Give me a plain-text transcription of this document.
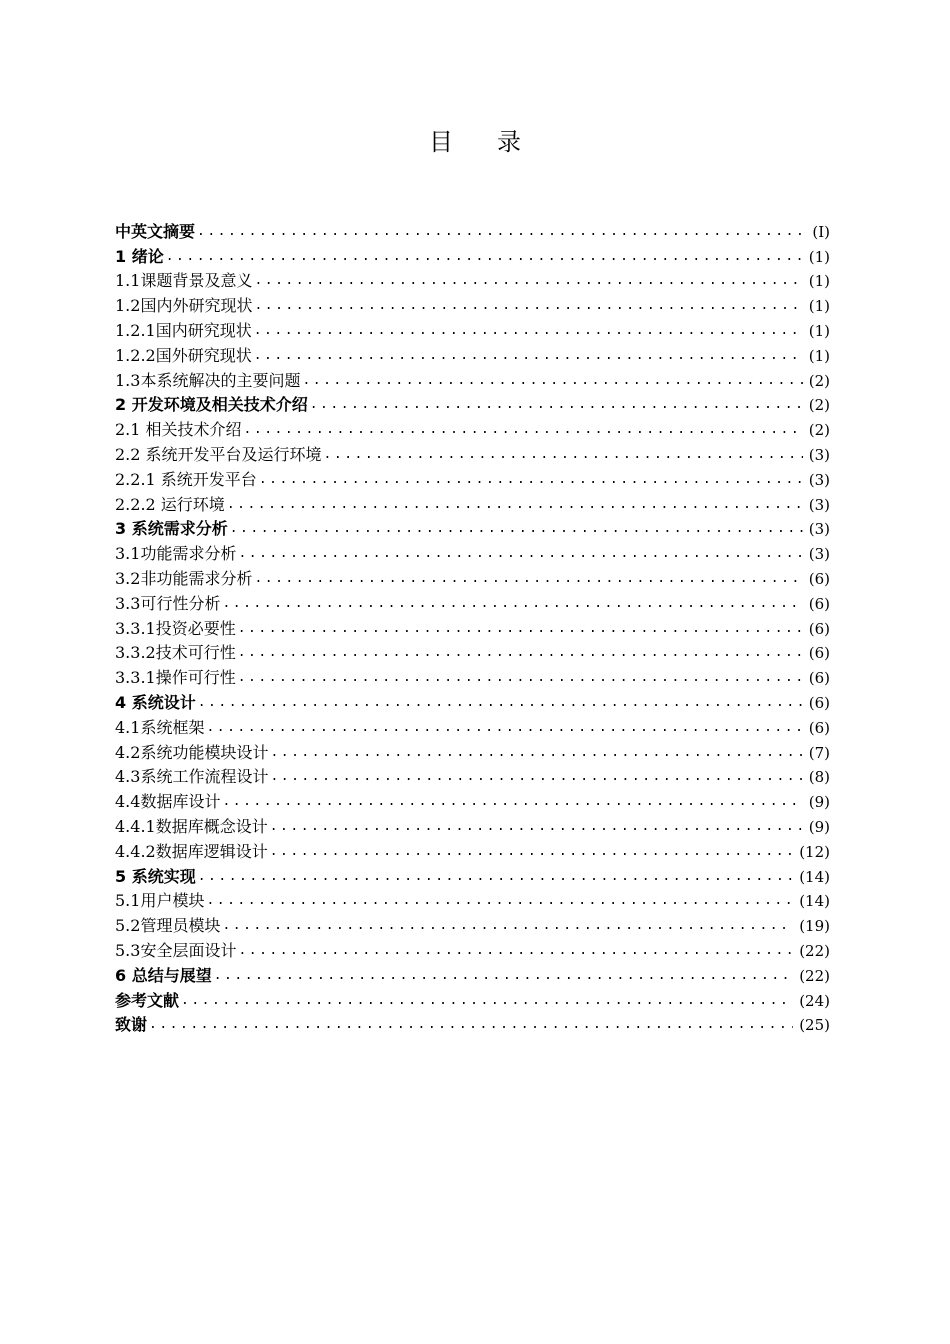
目 录
中英文摘要 .....	(I)
1 绪论 .....	(1)
1.1课题背景及意义 .....	(1)
1.2国内外研究现状 .....	(1)
1.2.1国内研究现状 .....	(1)
1.2.2国外研究现状 .....	(1)
1.3本系统解决的主要问题 .....	(2)
2 开发环境及相关技术介绍 .....	(2)
2.1 相关技术介绍 .....	(2)
2.2 系统开发平台及运行环境 .....	(3)
2.2.1 系统开发平台 .....	(3)
2.2.2 运行环境 .....	(3)
3 系统需求分析 .....	(3)
3.1功能需求分析 .....	(3)
3.2非功能需求分析 .....	(6)
3.3可行性分析 .....	(6)
3.3.1投资必要性 .....	(6)
3.3.2技术可行性 .....	(6)
3.3.1操作可行性 .....	(6)
4 系统设计 .....	(6)
4.1系统框架 .....	(6)
4.2系统功能模块设计 .....	(7)
4.3系统工作流程设计 .....	(8)
4.4数据库设计 .....	(9)
4.4.1数据库概念设计 .....	(9)
4.4.2数据库逻辑设计 .....	(12)
5 系统实现 .....	(14)
5.1用户模块 .....	(14)
5.2管理员模块 .....	(19)
5.3安全层面设计 .....	(22)
6 总结与展望 .....	(22)
参考文献 .....	(24)
致谢 .....	(25)
